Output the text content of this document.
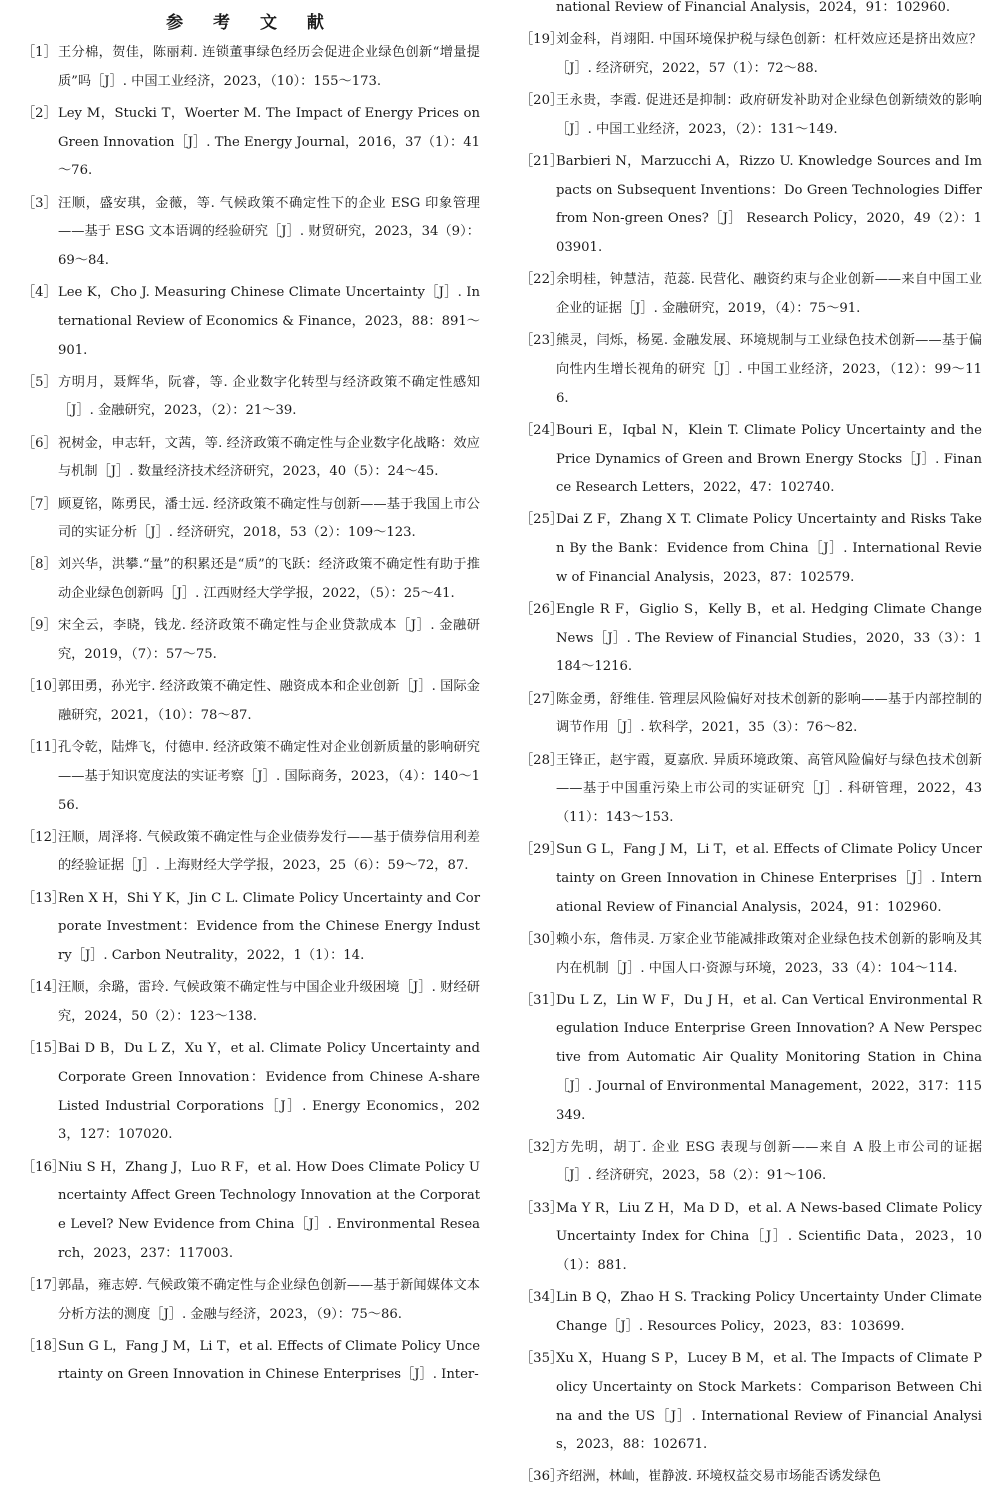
参 考 文 献
［1］ 王分棉，贺佳，陈丽莉. 连锁董事绿色经历会促进企业绿色创新“增量提质”吗［J］. 中国工业经济，2023，（10）：155～173.
［2］ Ley M，Stucki T，Woerter M. The Impact of Energy Prices on Green Innovation［J］. The Energy Journal，2016，37（1）：41～76.
［3］ 汪顺，盛安琪，金薇，等. 气候政策不确定性下的企业 ESG 印象管理——基于 ESG 文本语调的经验研究［J］. 财贸研究，2023，34（9）：69～84.
［4］ Lee K，Cho J. Measuring Chinese Climate Uncertainty［J］. International Review of Economics & Finance，2023，88：891～901.
［5］ 方明月，聂辉华，阮睿，等. 企业数字化转型与经济政策不确定性感知［J］. 金融研究，2023，（2）：21～39.
［6］ 祝树金，申志轩，文茜，等. 经济政策不确定性与企业数字化战略：效应与机制［J］. 数量经济技术经济研究，2023，40（5）：24～45.
［7］ 顾夏铭，陈勇民，潘士远. 经济政策不确定性与创新——基于我国上市公司的实证分析［J］. 经济研究，2018，53（2）：109～123.
［8］ 刘兴华，洪攀.“量”的积累还是“质”的飞跃：经济政策不确定性有助于推动企业绿色创新吗［J］. 江西财经大学学报，2022，（5）：25～41.
［9］ 宋全云，李晓，钱龙. 经济政策不确定性与企业贷款成本［J］. 金融研究，2019，（7）：57～75.
［10］
郭田勇，孙光宇. 经济政策不确定性、融资成本和企业创新［J］. 国际金融研究，2021，（10）：78～87.
［11］
孔令乾，陆烨飞，付德申. 经济政策不确定性对企业创新质量的影响研究——基于知识宽度法的实证考察［J］. 国际商务，2023，（4）：140～156.
［12］
汪顺，周泽将. 气候政策不确定性与企业债券发行——基于债券信用利差的经验证据［J］. 上海财经大学学报，2023，25（6）：59～72，87.
［13］
Ren X H，Shi Y K，Jin C L. Climate Policy Uncertainty and Corporate Investment：Evidence from the Chinese Energy Industry［J］. Carbon Neutrality，2022，1（1）：14.
［14］
汪顺，余璐，雷玲. 气候政策不确定性与中国企业升级困境［J］. 财经研究，2024，50（2）：123～138.
［15］
Bai D B，Du L Z，Xu Y，et al. Climate Policy Uncertainty and Corporate Green Innovation：Evidence from Chinese A-share Listed Industrial Corporations［J］. Energy Economics，2023，127：107020.
［16］
Niu S H，Zhang J，Luo R F，et al. How Does Climate Policy Uncertainty Affect Green Technology Innovation at the Corporate Level? New Evidence from China［J］. Environmental Research，2023，237：117003.
［17］
郭晶，雍志婷. 气候政策不确定性与企业绿色创新——基于新闻媒体文本分析方法的测度［J］. 金融与经济，2023，（9）：75～86.
［18］
Sun G L，Fang J M，Li T，et al. Effects of Climate Policy Uncertainty on Green Innovation in Chinese Enterprises［J］. Inter-
national Review of Financial Analysis，2024，91：102960.
［19］
刘金科，肖翊阳. 中国环境保护税与绿色创新：杠杆效应还是挤出效应？［J］. 经济研究，2022，57（1）：72～88.
［20］
王永贵，李霞. 促进还是抑制：政府研发补助对企业绿色创新绩效的影响［J］. 中国工业经济，2023，（2）：131～149.
［21］
Barbieri N，Marzucchi A，Rizzo U. Knowledge Sources and Impacts on Subsequent Inventions：Do Green Technologies Differ from Non-green Ones?［J］ Research Policy，2020，49（2）：103901.
［22］
余明桂，钟慧洁，范蕊. 民营化、融资约束与企业创新——来自中国工业企业的证据［J］. 金融研究，2019，（4）：75～91.
［23］
熊灵，闫烁，杨冕. 金融发展、环境规制与工业绿色技术创新——基于偏向性内生增长视角的研究［J］. 中国工业经济，2023，（12）：99～116.
［24］
Bouri E，Iqbal N，Klein T. Climate Policy Uncertainty and the Price Dynamics of Green and Brown Energy Stocks［J］. Finance Research Letters，2022，47：102740.
［25］
Dai Z F，Zhang X T. Climate Policy Uncertainty and Risks Taken By the Bank：Evidence from China［J］. International Review of Financial Analysis，2023，87：102579.
［26］
Engle R F，Giglio S，Kelly B，et al. Hedging Climate Change News［J］. The Review of Financial Studies，2020，33（3）：1184～1216.
［27］
陈金勇，舒维佳. 管理层风险偏好对技术创新的影响——基于内部控制的调节作用［J］. 软科学，2021，35（3）：76～82.
［28］
王锋正，赵宇霞，夏嘉欣. 异质环境政策、高管风险偏好与绿色技术创新——基于中国重污染上市公司的实证研究［J］. 科研管理，2022，43（11）：143～153.
［29］
Sun G L，Fang J M，Li T，et al. Effects of Climate Policy Uncertainty on Green Innovation in Chinese Enterprises［J］. International Review of Financial Analysis，2024，91：102960.
［30］
赖小东，詹伟灵. 万家企业节能减排政策对企业绿色技术创新的影响及其内在机制［J］. 中国人口·资源与环境，2023，33（4）：104～114.
［31］
Du L Z，Lin W F，Du J H，et al. Can Vertical Environmental Regulation Induce Enterprise Green Innovation? A New Perspective from Automatic Air Quality Monitoring Station in China［J］. Journal of Environmental Management，2022，317：115349.
［32］
方先明，胡丁. 企业 ESG 表现与创新——来自 A 股上市公司的证据［J］. 经济研究，2023，58（2）：91～106.
［33］
Ma Y R，Liu Z H，Ma D D，et al. A News-based Climate Policy Uncertainty Index for China［J］. Scientific Data，2023，10（1）：881.
［34］
Lin B Q，Zhao H S. Tracking Policy Uncertainty Under Climate Change［J］. Resources Policy，2023，83：103699.
［35］
Xu X，Huang S P，Lucey B M，et al. The Impacts of Climate Policy Uncertainty on Stock Markets：Comparison Between China and the US［J］. International Review of Financial Analysis，2023，88：102671.
［36］
齐绍洲，林屾，崔静波. 环境权益交易市场能否诱发绿色
